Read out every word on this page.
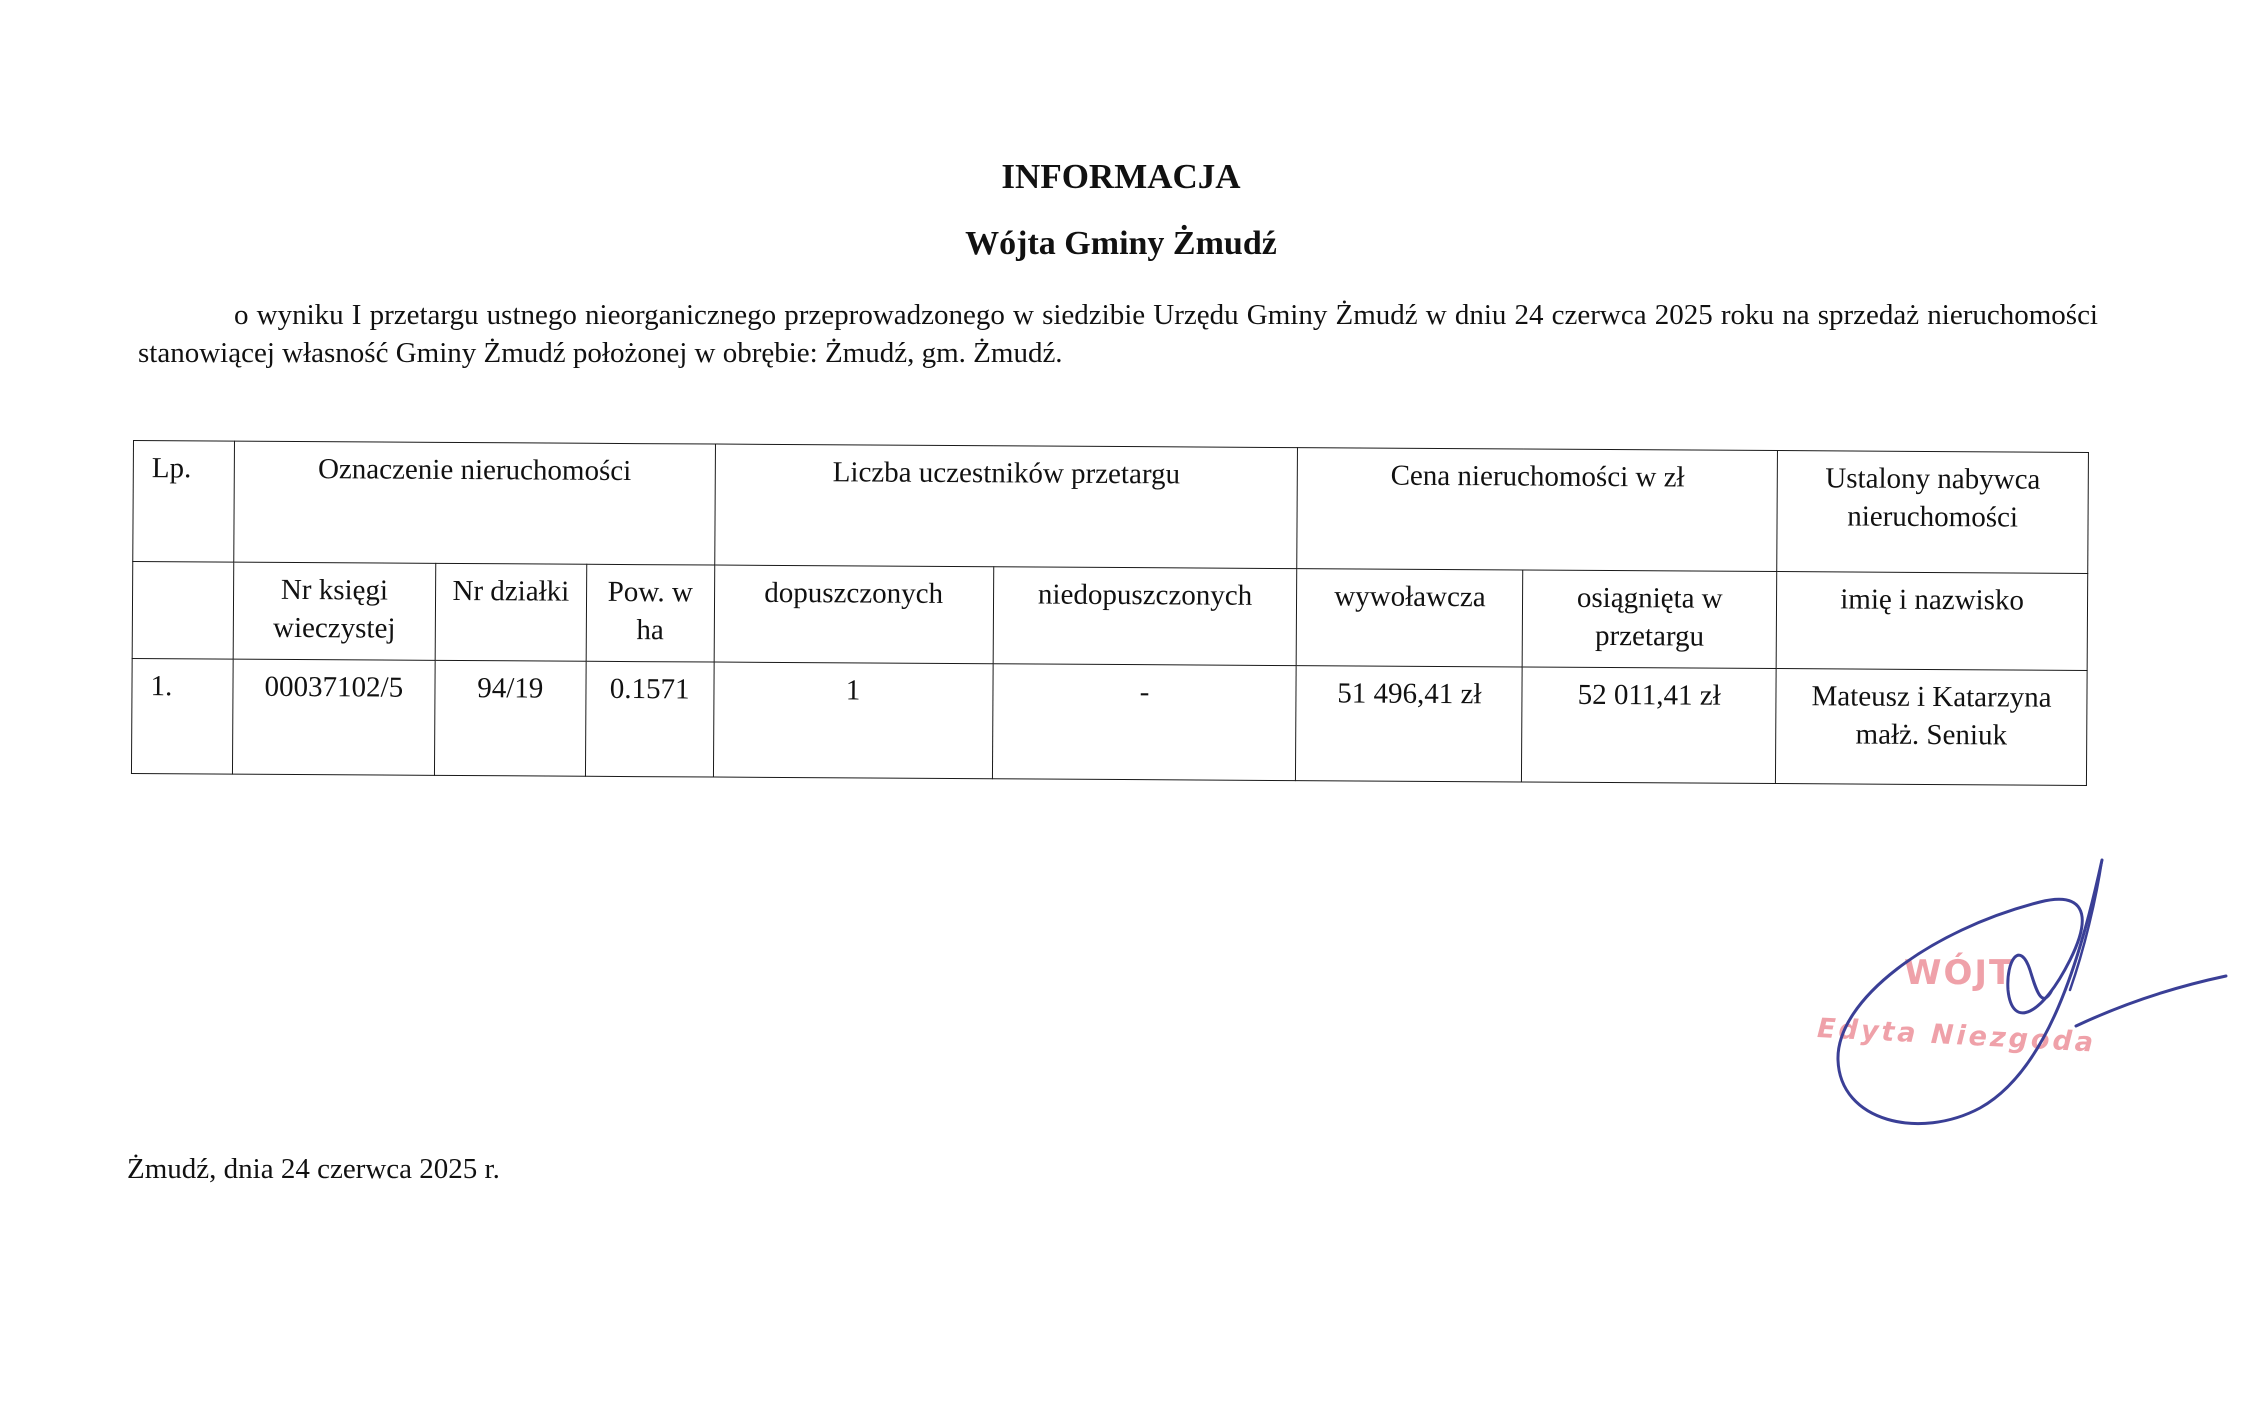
INFORMACJA
Wójta Gminy Żmudź

o wyniku I przetargu ustnego nieorganicznego przeprowadzonego w siedzibie Urzędu Gminy Żmudź w dniu 24 czerwca 2025 roku na sprzedaż nieruchomości stanowiącej własność Gminy Żmudź położonej w obrębie: Żmudź, gm. Żmudź.

Lp.	Oznaczenie nieruchomości			Liczba uczestników przetargu		Cena nieruchomości w zł		Ustalony nabywca nieruchomości
	Nr księgi wieczystej	Nr działki	Pow. w ha	dopuszczonych	niedopuszczonych	wywoławcza	osiągnięta w przetargu	imię i nazwisko
1.	00037102/5	94/19	0.1571	1	-	51 496,41 zł	52 011,41 zł	Mateusz i Katarzyna małż. Seniuk

Żmudź, dnia 24 czerwca 2025 r.

WÓJT

Edyta Niezgoda
